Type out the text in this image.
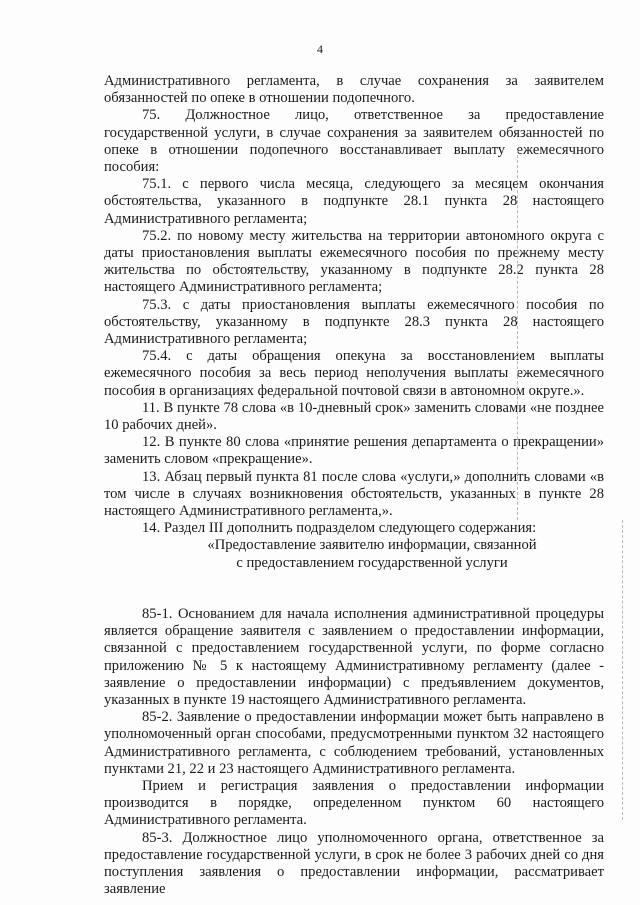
4

Административного регламента, в случае сохранения за заявителем обязанностей по опеке в отношении подопечного.

75. Должностное лицо, ответственное за предоставление государственной услуги, в случае сохранения за заявителем обязанностей по опеке в отношении подопечного восстанавливает выплату ежемесячного пособия:

75.1. с первого числа месяца, следующего за месяцем окончания обстоятельства, указанного в подпункте 28.1 пункта 28 настоящего Административного регламента;

75.2. по новому месту жительства на территории автономного округа с даты приостановления выплаты ежемесячного пособия по прежнему месту жительства по обстоятельству, указанному в подпункте 28.2 пункта 28 настоящего Административного регламента;

75.3. с даты приостановления выплаты ежемесячного пособия по обстоятельству, указанному в подпункте 28.3 пункта 28 настоящего Административного регламента;

75.4. с даты обращения опекуна за восстановлением выплаты ежемесячного пособия за весь период неполучения выплаты ежемесячного пособия в организациях федеральной почтовой связи в автономном округе.».

11. В пункте 78 слова «в 10-дневный срок» заменить словами «не позднее 10 рабочих дней».

12. В пункте 80 слова «принятие решения департамента о прекращении» заменить словом «прекращение».

13. Абзац первый пункта 81 после слова «услуги,» дополнить словами «в том числе в случаях возникновения обстоятельств, указанных в пункте 28 настоящего Административного регламента,».

14. Раздел III дополнить подразделом следующего содержания:

«Предоставление заявителю информации, связанной
с предоставлением государственной услуги

85-1. Основанием для начала исполнения административной процедуры является обращение заявителя с заявлением о предоставлении информации, связанной с предоставлением государственной услуги, по форме согласно приложению № 5 к настоящему Административному регламенту (далее - заявление о предоставлении информации) с предъявлением документов, указанных в пункте 19 настоящего Административного регламента.

85-2. Заявление о предоставлении информации может быть направлено в уполномоченный орган способами, предусмотренными пунктом 32 настоящего Административного регламента, с соблюдением требований, установленных пунктами 21, 22 и 23 настоящего Административного регламента.

Прием и регистрация заявления о предоставлении информации производится в порядке, определенном пунктом 60 настоящего Административного регламента.

85-3. Должностное лицо уполномоченного органа, ответственное за предоставление государственной услуги, в срок не более 3 рабочих дней со дня поступления заявления о предоставлении информации, рассматривает заявление
